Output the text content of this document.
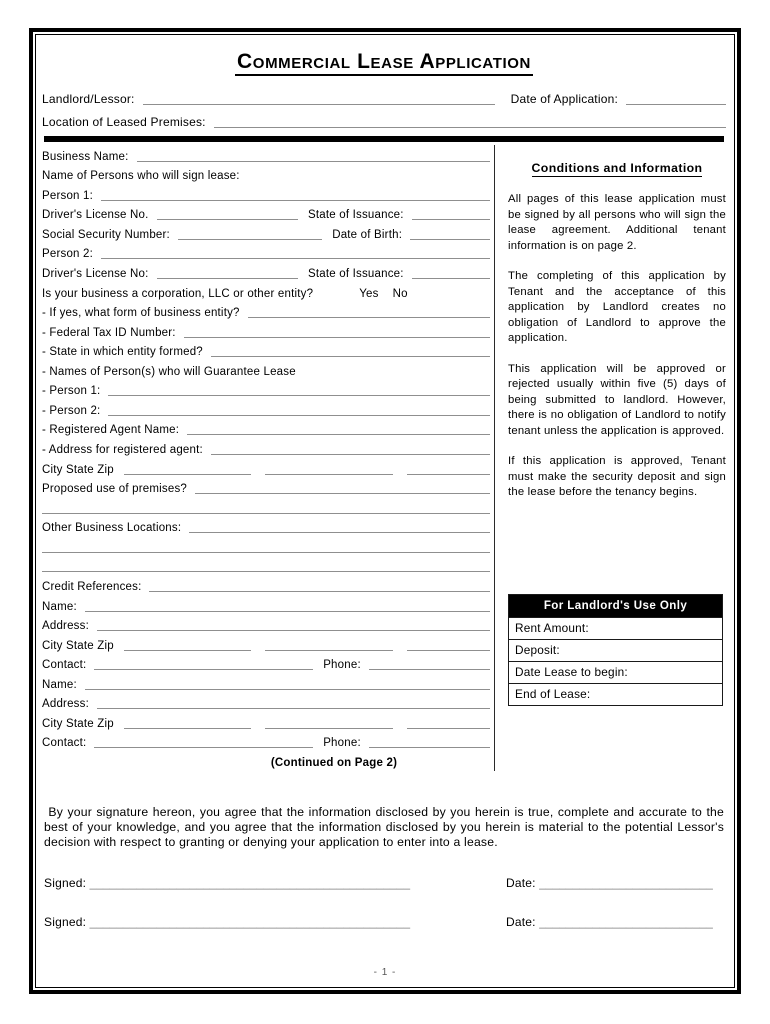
Commercial Lease Application
Landlord/Lessor:	Date of Application:
Location of Leased Premises:
Business Name:
Name of Persons who will sign lease:
Person 1:
Driver's License No.	State of Issuance:
Social Security Number:	Date of Birth:
Person 2:
Driver's License No:	State of Issuance:
Is your business a corporation, LLC or other entity?	Yes No
- If yes, what form of business entity?
- Federal Tax ID Number:
- State in which entity formed?
- Names of Person(s) who will Guarantee Lease
- Person 1:
- Person 2:
- Registered Agent Name:
- Address for registered agent:
City State Zip
Proposed use of premises?
Other Business Locations:
Credit References:
Name:
Address:
City State Zip
Contact:	Phone:
Name:
Address:
City State Zip
Contact:	Phone:
(Continued on Page 2)
Conditions and Information

All pages of this lease application must be signed by all persons who will sign the lease agreement. Additional tenant information is on page 2.

The completing of this application by Tenant and the acceptance of this application by Landlord creates no obligation of Landlord to approve the application.

This application will be approved or rejected usually within five (5) days of being submitted to landlord. However, there is no obligation of Landlord to notify tenant unless the application is approved.

If this application is approved, Tenant must make the security deposit and sign the lease before the tenancy begins.

For Landlord's Use Only
Rent Amount:
Deposit:
Date Lease to begin:
End of Lease:
By your signature hereon, you agree that the information disclosed by you herein is true, complete and accurate to the best of your knowledge, and you agree that the information disclosed by you herein is material to the potential Lessor's decision with respect to granting or denying your application to enter into a lease.
Signed: ________________________________________________	Date: __________________________
Signed: ________________________________________________	Date: __________________________
- 1 -
